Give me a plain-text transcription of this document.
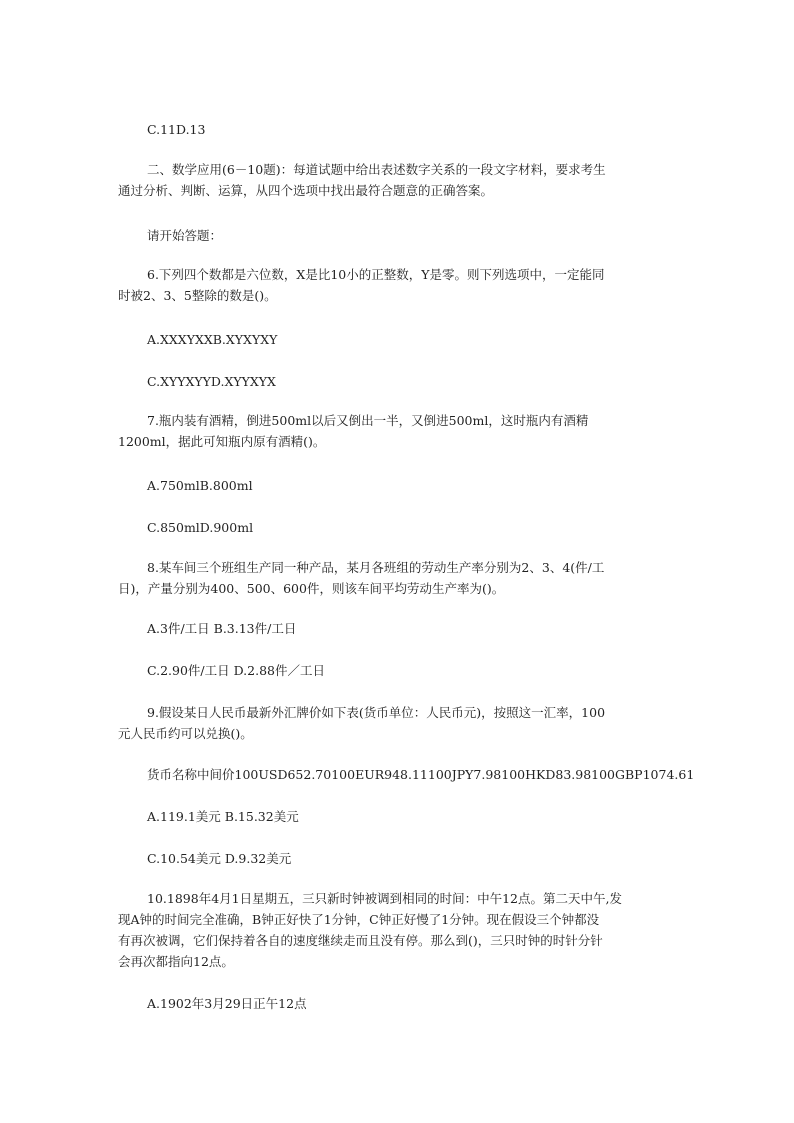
C.11D.13
二、数学应用(6－10题)：每道试题中给出表述数字关系的一段文字材料，要求考生
通过分析、判断、运算，从四个选项中找出最符合题意的正确答案。
请开始答题：
6.下列四个数都是六位数，X是比10小的正整数，Y是零。则下列选项中，一定能同
时被2、3、5整除的数是()。
A.XXXYXXB.XYXYXY
C.XYYXYYD.XYYXYX
7.瓶内装有酒精，倒进500ml以后又倒出一半，又倒进500ml，这时瓶内有酒精
1200ml，据此可知瓶内原有酒精()。
A.750mlB.800ml
C.850mlD.900ml
8.某车间三个班组生产同一种产品，某月各班组的劳动生产率分别为2、3、4(件/工
日)，产量分别为400、500、600件，则该车间平均劳动生产率为()。
A.3件/工日 B.3.13件/工日
C.2.90件/工日 D.2.88件／工日
9.假设某日人民币最新外汇牌价如下表(货币单位：人民币元)，按照这一汇率，100
元人民币约可以兑换()。
货币名称中间价100USD652.70100EUR948.11100JPY7.98100HKD83.98100GBP1074.61
A.119.1美元 B.15.32美元
C.10.54美元 D.9.32美元
10.1898年4月1日星期五，三只新时钟被调到相同的时间：中午12点。第二天中午,发
现A钟的时间完全准确，B钟正好快了1分钟，C钟正好慢了1分钟。现在假设三个钟都没
有再次被调，它们保持着各自的速度继续走而且没有停。那么到()，三只时钟的时针分针
会再次都指向12点。
A.1902年3月29日正午12点
